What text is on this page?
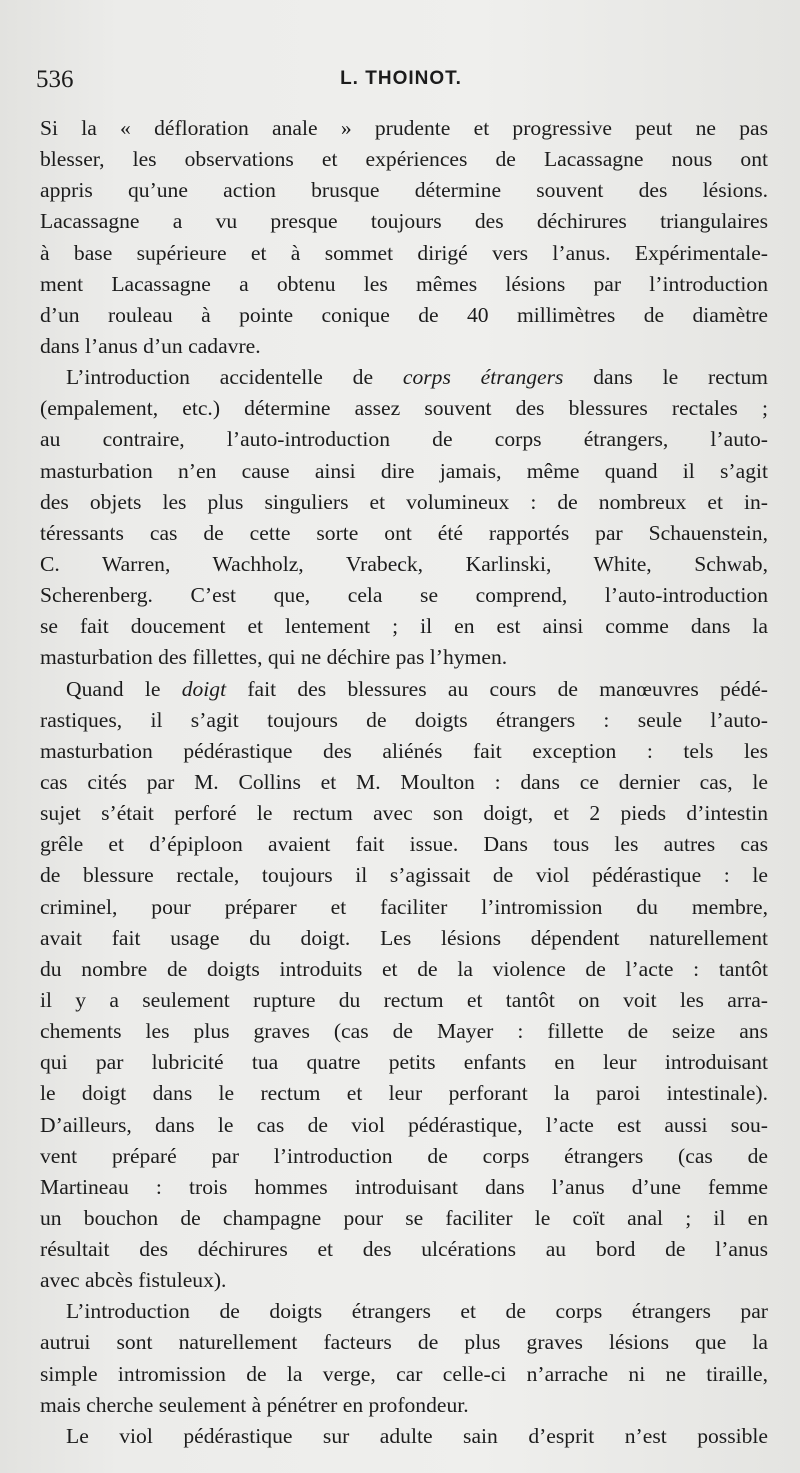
536	L. THOINOT.
Si la « défloration anale » prudente et progressive peut ne pas
blesser, les observations et expériences de Lacassagne nous ont
appris qu’une action brusque détermine souvent des lésions.
Lacassagne a vu presque toujours des déchirures triangulaires
à base supérieure et à sommet dirigé vers l’anus. Expérimentale-
ment Lacassagne a obtenu les mêmes lésions par l’introduction
d’un rouleau à pointe conique de 40 millimètres de diamètre
dans l’anus d’un cadavre.
L’introduction accidentelle de corps étrangers dans le rectum
(empalement, etc.) détermine assez souvent des blessures rectales ;
au contraire, l’auto-introduction de corps étrangers, l’auto-
masturbation n’en cause ainsi dire jamais, même quand il s’agit
des objets les plus singuliers et volumineux : de nombreux et in-
téressants cas de cette sorte ont été rapportés par Schauenstein,
C. Warren, Wachholz, Vrabeck, Karlinski, White, Schwab,
Scherenberg. C’est que, cela se comprend, l’auto-introduction
se fait doucement et lentement ; il en est ainsi comme dans la
masturbation des fillettes, qui ne déchire pas l’hymen.
Quand le doigt fait des blessures au cours de manœuvres pédé-
rastiques, il s’agit toujours de doigts étrangers : seule l’auto-
masturbation pédérastique des aliénés fait exception : tels les
cas cités par M. Collins et M. Moulton : dans ce dernier cas, le
sujet s’était perforé le rectum avec son doigt, et 2 pieds d’intestin
grêle et d’épiploon avaient fait issue. Dans tous les autres cas
de blessure rectale, toujours il s’agissait de viol pédérastique : le
criminel, pour préparer et faciliter l’intromission du membre,
avait fait usage du doigt. Les lésions dépendent naturellement
du nombre de doigts introduits et de la violence de l’acte : tantôt
il y a seulement rupture du rectum et tantôt on voit les arra-
chements les plus graves (cas de Mayer : fillette de seize ans
qui par lubricité tua quatre petits enfants en leur introduisant
le doigt dans le rectum et leur perforant la paroi intestinale).
D’ailleurs, dans le cas de viol pédérastique, l’acte est aussi sou-
vent préparé par l’introduction de corps étrangers (cas de
Martineau : trois hommes introduisant dans l’anus d’une femme
un bouchon de champagne pour se faciliter le coït anal ; il en
résultait des déchirures et des ulcérations au bord de l’anus
avec abcès fistuleux).
L’introduction de doigts étrangers et de corps étrangers par
autrui sont naturellement facteurs de plus graves lésions que la
simple intromission de la verge, car celle-ci n’arrache ni ne tiraille,
mais cherche seulement à pénétrer en profondeur.
Le viol pédérastique sur adulte sain d’esprit n’est possible
